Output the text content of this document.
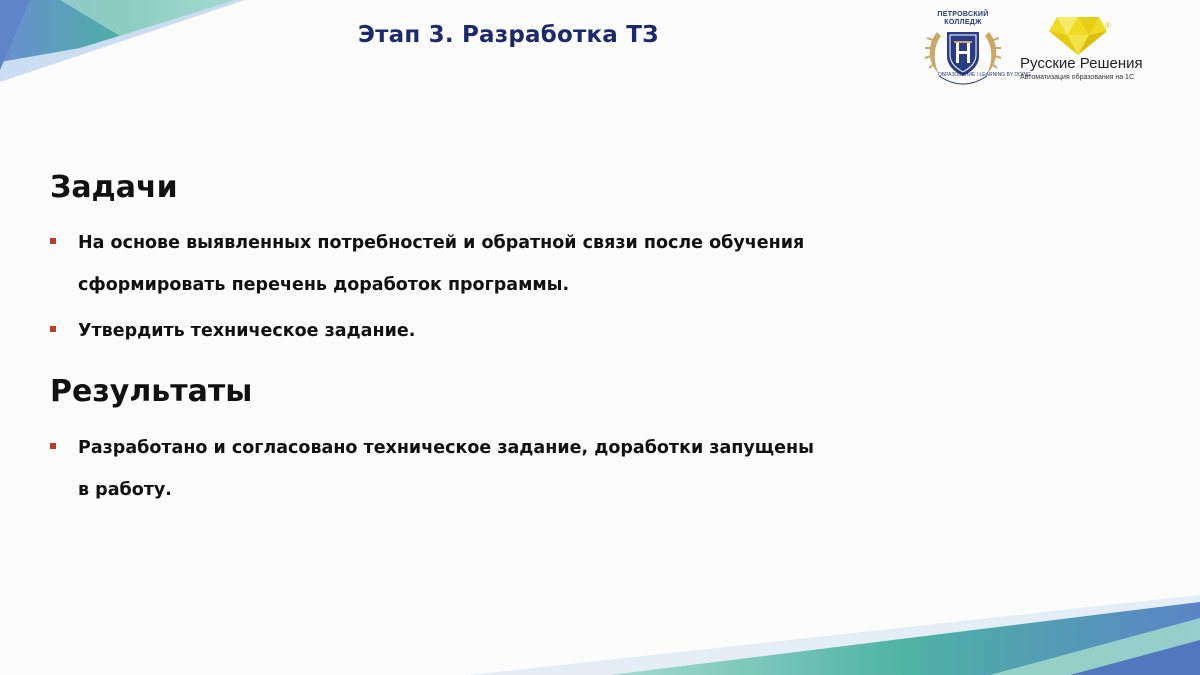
Этап 3. Разработка ТЗ
ПЕТРОВСКИЙ КОЛЛЕДЖ
ОБРАЗОВАНИЕ / LEARNING BY DOING
®
Русские Решения
Автоматизация образования на 1С
Задачи
На основе выявленных потребностей и обратной связи после обучения сформировать перечень доработок программы.
Утвердить техническое задание.
Результаты
Разработано и согласовано техническое задание, доработки запущены в работу.
